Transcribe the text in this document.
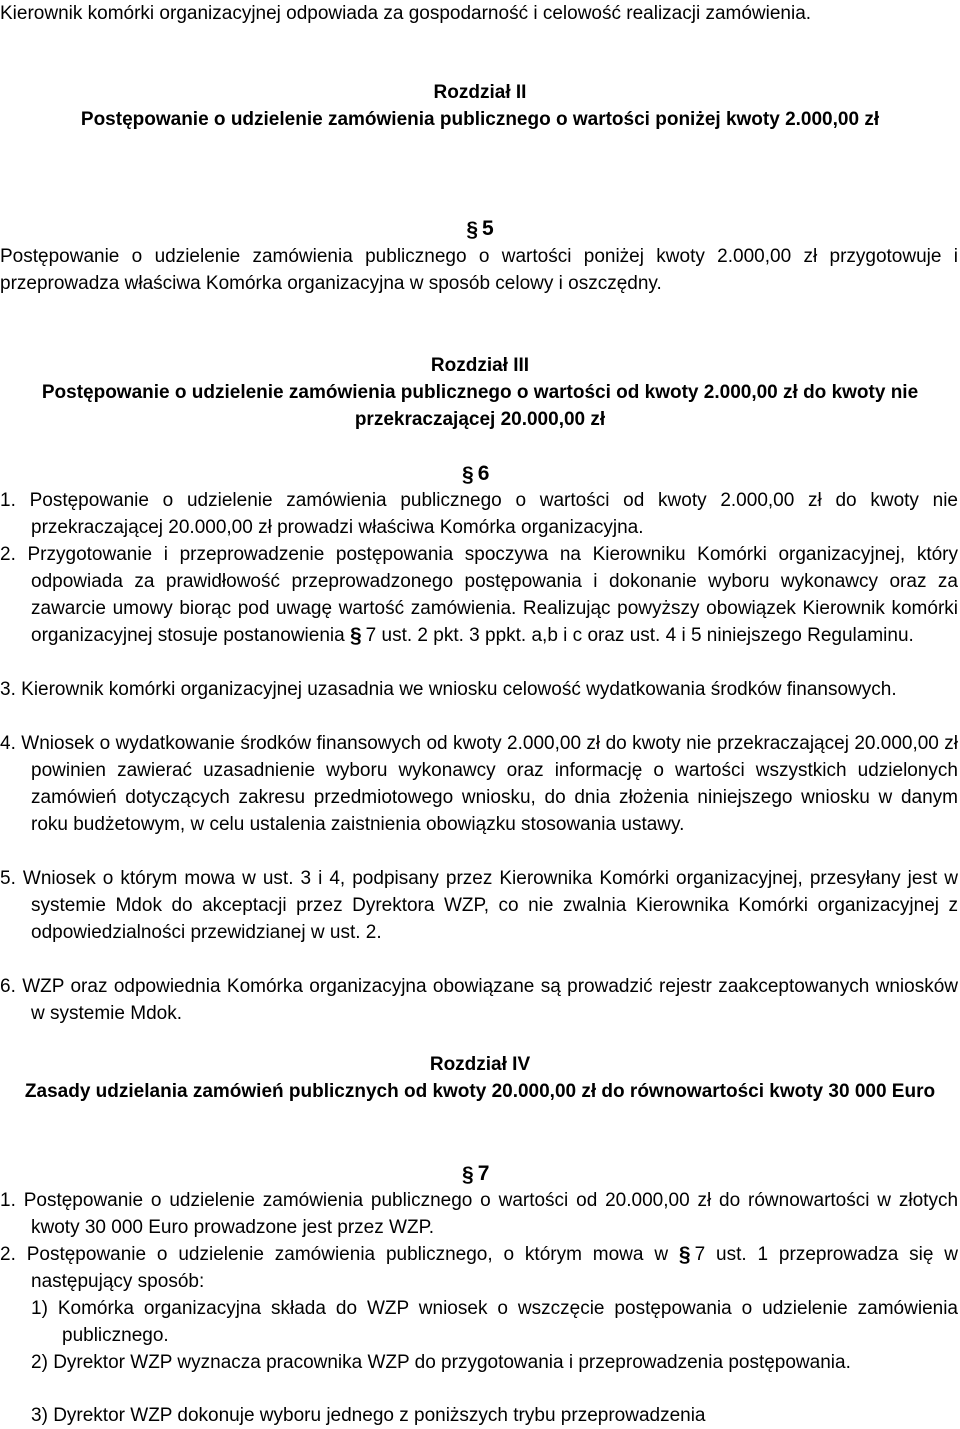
Kierownik komórki organizacyjnej odpowiada za gospodarność i celowość realizacji zamówienia.

Rozdział II
Postępowanie o udzielenie zamówienia publicznego o wartości poniżej kwoty 2.000,00 zł

§ 5

Postępowanie o udzielenie zamówienia publicznego o wartości poniżej kwoty 2.000,00 zł przygotowuje i przeprowadza właściwa Komórka organizacyjna w sposób celowy i oszczędny.

Rozdział III
Postępowanie o udzielenie zamówienia publicznego o wartości od kwoty 2.000,00 zł do kwoty nie przekraczającej 20.000,00 zł

§ 6

1. Postępowanie o udzielenie zamówienia publicznego o wartości od kwoty 2.000,00 zł do kwoty nie przekraczającej 20.000,00 zł prowadzi właściwa Komórka organizacyjna.

2. Przygotowanie i przeprowadzenie postępowania spoczywa na Kierowniku Komórki organizacyjnej, który odpowiada za prawidłowość przeprowadzonego postępowania i dokonanie wyboru wykonawcy oraz za zawarcie umowy biorąc pod uwagę wartość zamówienia. Realizując powyższy obowiązek Kierownik komórki organizacyjnej stosuje postanowienia § 7 ust. 2 pkt. 3 ppkt. a,b i c oraz ust. 4 i 5 niniejszego Regulaminu.

3. Kierownik komórki organizacyjnej uzasadnia we wniosku celowość wydatkowania środków finansowych.

4. Wniosek o wydatkowanie środków finansowych od kwoty 2.000,00 zł do kwoty nie przekraczającej 20.000,00 zł powinien zawierać uzasadnienie wyboru wykonawcy oraz informację o wartości wszystkich udzielonych zamówień dotyczących zakresu przedmiotowego wniosku, do dnia złożenia niniejszego wniosku w danym roku budżetowym, w celu ustalenia zaistnienia obowiązku stosowania ustawy.

5. Wniosek o którym mowa w ust. 3 i 4, podpisany przez Kierownika Komórki organizacyjnej, przesyłany jest w systemie Mdok do akceptacji przez Dyrektora WZP, co nie zwalnia Kierownika Komórki organizacyjnej z odpowiedzialności przewidzianej w ust. 2.

6. WZP oraz odpowiednia Komórka organizacyjna obowiązane są prowadzić rejestr zaakceptowanych wniosków w systemie Mdok.

Rozdział IV
Zasady udzielania zamówień publicznych od kwoty 20.000,00 zł do równowartości kwoty 30 000 Euro

§ 7

1. Postępowanie o udzielenie zamówienia publicznego o wartości od 20.000,00 zł do równowartości w złotych kwoty 30 000 Euro prowadzone jest przez WZP.

2. Postępowanie o udzielenie zamówienia publicznego, o którym mowa w § 7 ust. 1 przeprowadza się w następujący sposób:

1) Komórka organizacyjna składa do WZP wniosek o wszczęcie postępowania o udzielenie zamówienia publicznego.

2) Dyrektor WZP wyznacza pracownika WZP do przygotowania i przeprowadzenia postępowania.

3) Dyrektor WZP dokonuje wyboru jednego z poniższych trybu przeprowadzenia
